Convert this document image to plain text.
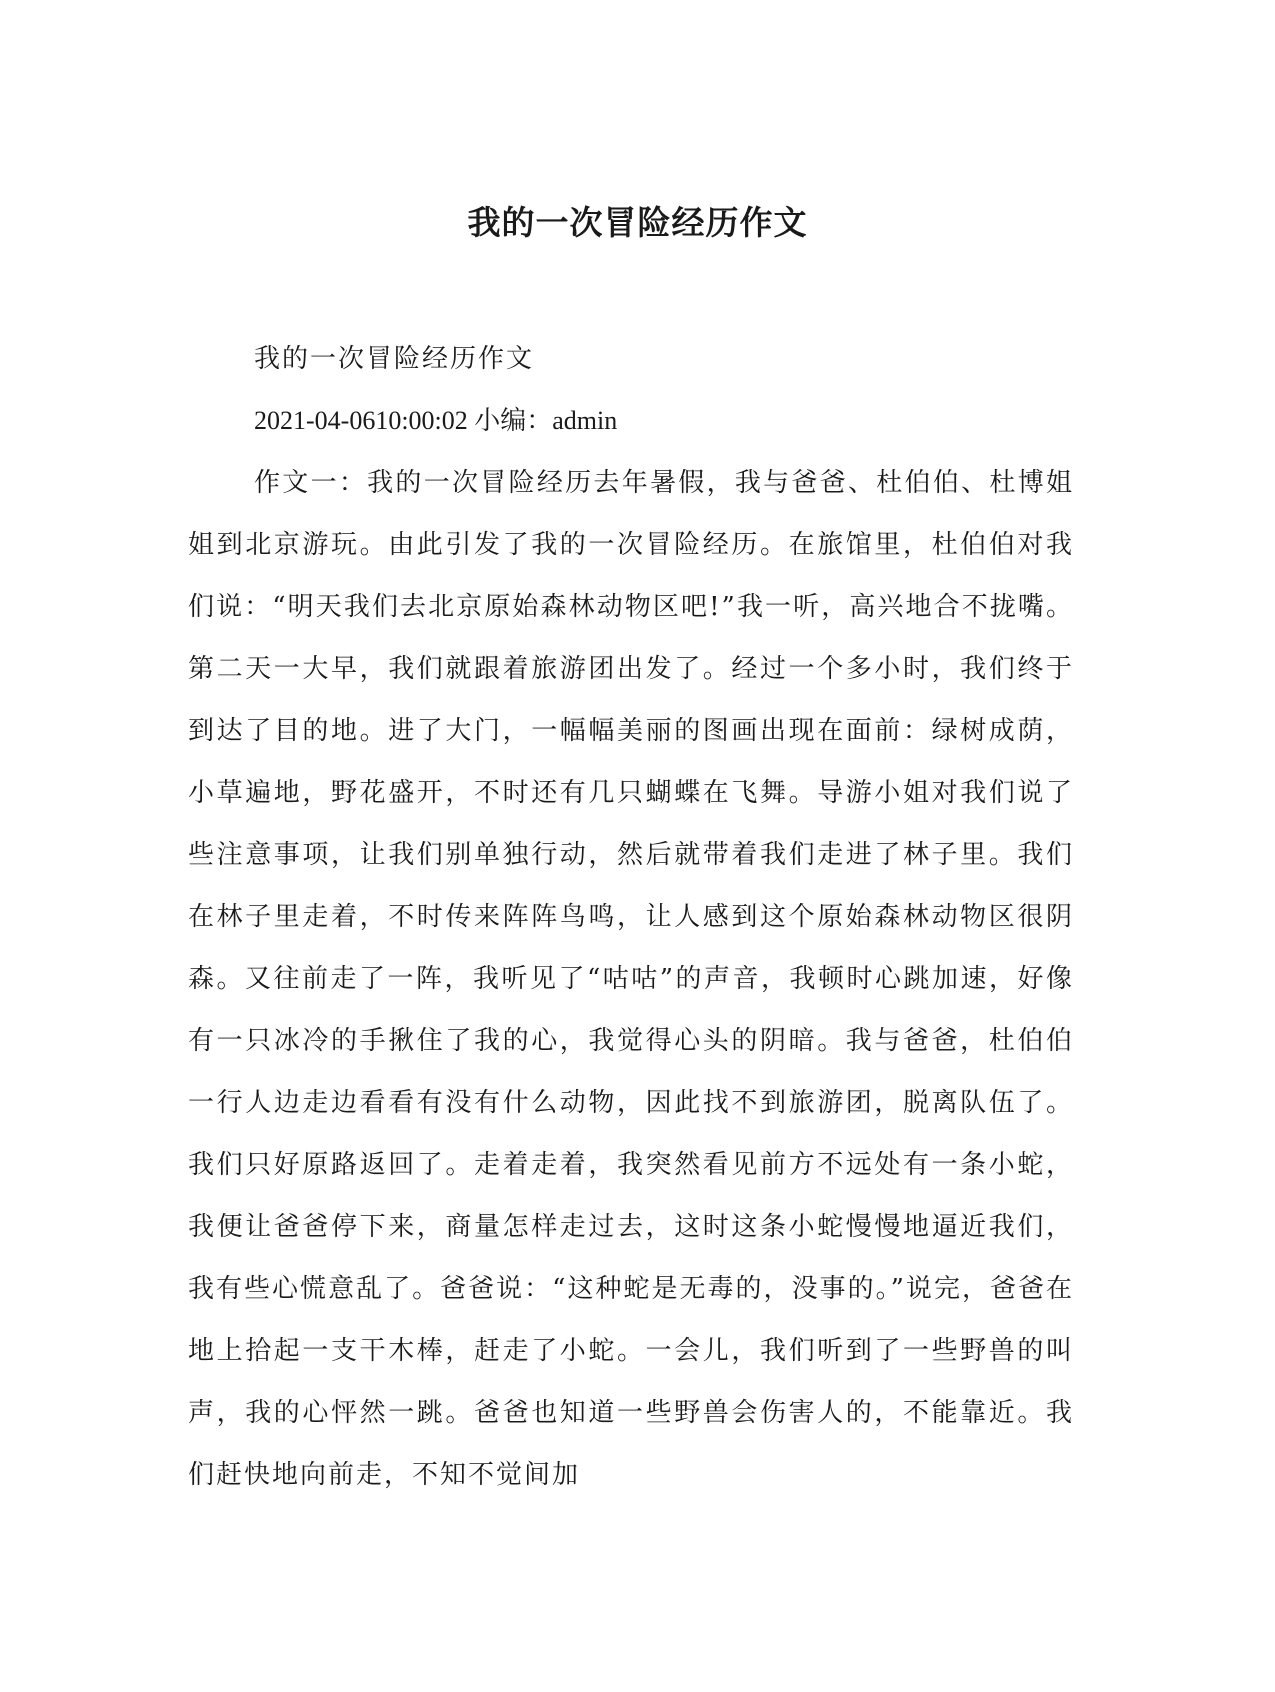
我的一次冒险经历作文

我的一次冒险经历作文

2021-04-0610:00:02 小编：admin

作文一：我的一次冒险经历去年暑假，我与爸爸、杜伯伯、杜博姐姐到北京游玩。由此引发了我的一次冒险经历。在旅馆里，杜伯伯对我们说：“明天我们去北京原始森林动物区吧!”我一听，高兴地合不拢嘴。第二天一大早，我们就跟着旅游团出发了。经过一个多小时，我们终于到达了目的地。进了大门，一幅幅美丽的图画出现在面前：绿树成荫，小草遍地，野花盛开，不时还有几只蝴蝶在飞舞。导游小姐对我们说了些注意事项，让我们别单独行动，然后就带着我们走进了林子里。我们在林子里走着，不时传来阵阵鸟鸣，让人感到这个原始森林动物区很阴森。又往前走了一阵，我听见了“咕咕”的声音，我顿时心跳加速，好像有一只冰冷的手揪住了我的心，我觉得心头的阴暗。我与爸爸，杜伯伯一行人边走边看看有没有什么动物，因此找不到旅游团，脱离队伍了。我们只好原路返回了。走着走着，我突然看见前方不远处有一条小蛇，我便让爸爸停下来，商量怎样走过去，这时这条小蛇慢慢地逼近我们，我有些心慌意乱了。爸爸说：“这种蛇是无毒的，没事的。”说完，爸爸在地上拾起一支干木棒，赶走了小蛇。一会儿，我们听到了一些野兽的叫声，我的心怦然一跳。爸爸也知道一些野兽会伤害人的，不能靠近。我们赶快地向前走，不知不觉间加
